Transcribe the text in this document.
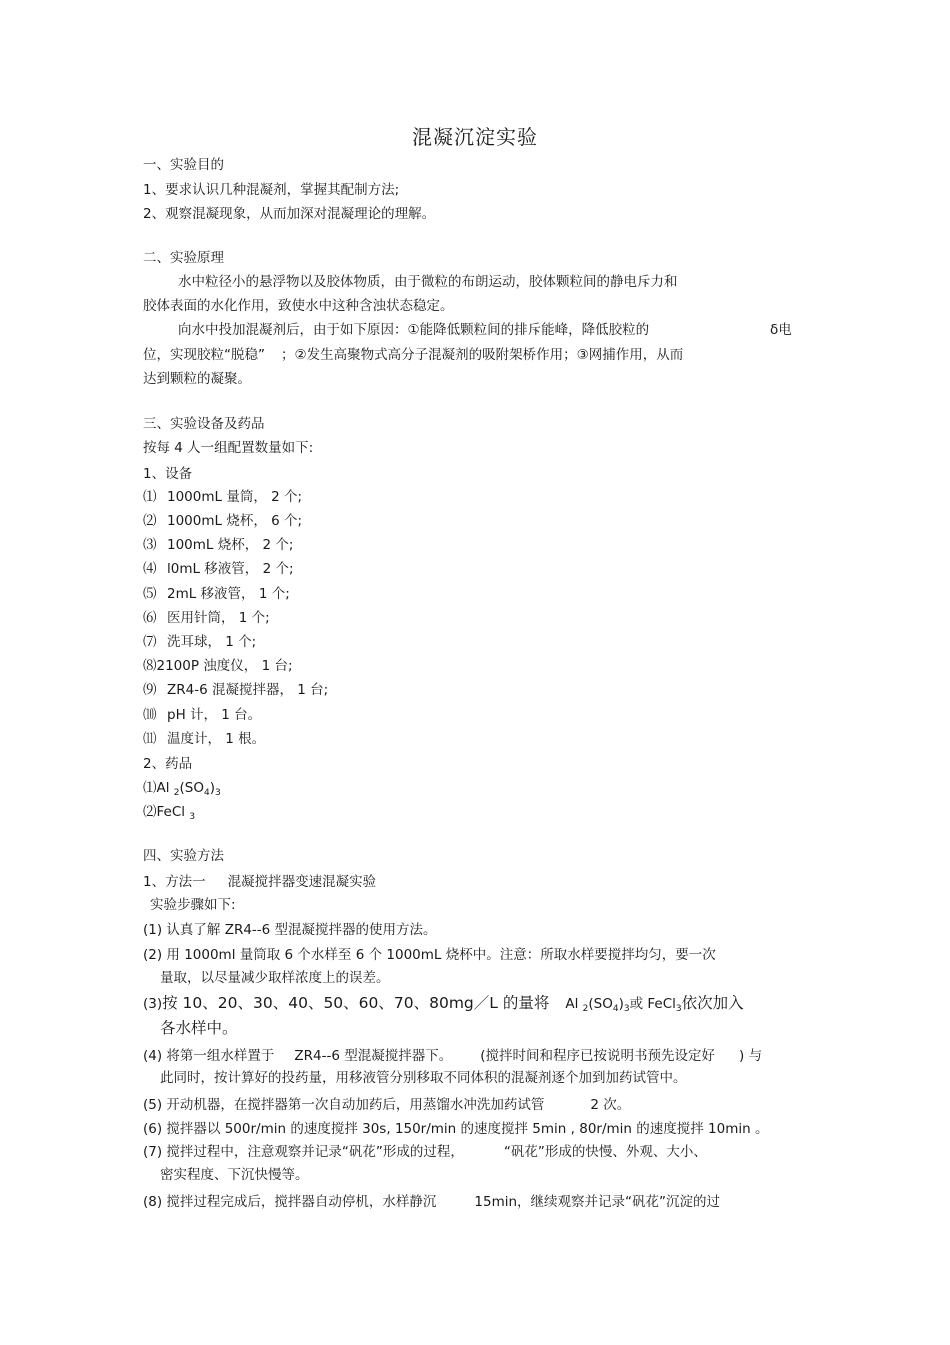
混凝沉淀实验
一、实验目的
1、要求认识几种混凝剂，掌握其配制方法;
2、观察混凝现象，从而加深对混凝理论的理解。
二、实验原理
水中粒径小的悬浮物以及胶体物质，由于微粒的布朗运动，胶体颗粒间的静电斥力和
胶体表面的水化作用，致使水中这种含浊状态稳定。
向水中投加混凝剂后，由于如下原因：①能降低颗粒间的排斥能峰，降低胶粒的	δ电
位，实现胶粒“脱稳” ；②发生高聚物式高分子混凝剂的吸附架桥作用；③网捕作用，从而
达到颗粒的凝聚。
三、实验设备及药品
按每 4 人一组配置数量如下:
1、设备
⑴ 1000mL 量筒， 2 个;
⑵ 1000mL 烧杯， 6 个;
⑶ 100mL 烧杯， 2 个;
⑷ l0mL 移液管， 2 个;
⑸ 2mL 移液管， 1 个;
⑹ 医用针筒， 1 个;
⑺ 洗耳球， 1 个;
⑻2100P 浊度仪， 1 台;
⑼ ZR4-6 混凝搅拌器， 1 台;
⑽ pH 计， 1 台。
⑾ 温度计， 1 根。
2、药品
⑴Al $_2(SO_4)_3$
⑵FeCl $_3$
四、实验方法
1、方法一 混凝搅拌器变速混凝实验
实验步骤如下:
(1) 认真了解 ZR4--6 型混凝搅拌器的使用方法。
(2) 用 1000ml 量筒取 6 个水样至 6 个 1000mL 烧杯中。注意：所取水样要搅拌均匀，要一次
量取，以尽量减少取样浓度上的误差。
(3)按 10、20、30、40、50、60、70、80mg／L 的量将 Al $_2(SO_4)_3$或 FeCl$_3$依次加入
各水样中。
(4) 将第一组水样置于 ZR4--6 型混凝搅拌器下。 (搅拌时间和程序已按说明书预先设定好 ) 与
此同时，按计算好的投药量，用移液管分别移取不同体积的混凝剂逐个加到加药试管中。
(5) 开动机器，在搅拌器第一次自动加药后，用蒸馏水冲洗加药试管	2 次。
(6) 搅拌器以 500r/min 的速度搅拌 30s, 150r/min 的速度搅拌 5min , 80r/min 的速度搅拌 10min 。
(7) 搅拌过程中，注意观察并记录“矾花”形成的过程，	“矾花”形成的快慢、外观、大小、
密实程度、下沉快慢等。
(8) 搅拌过程完成后，搅拌器自动停机，水样静沉	15min，继续观察并记录“矾花”沉淀的过
